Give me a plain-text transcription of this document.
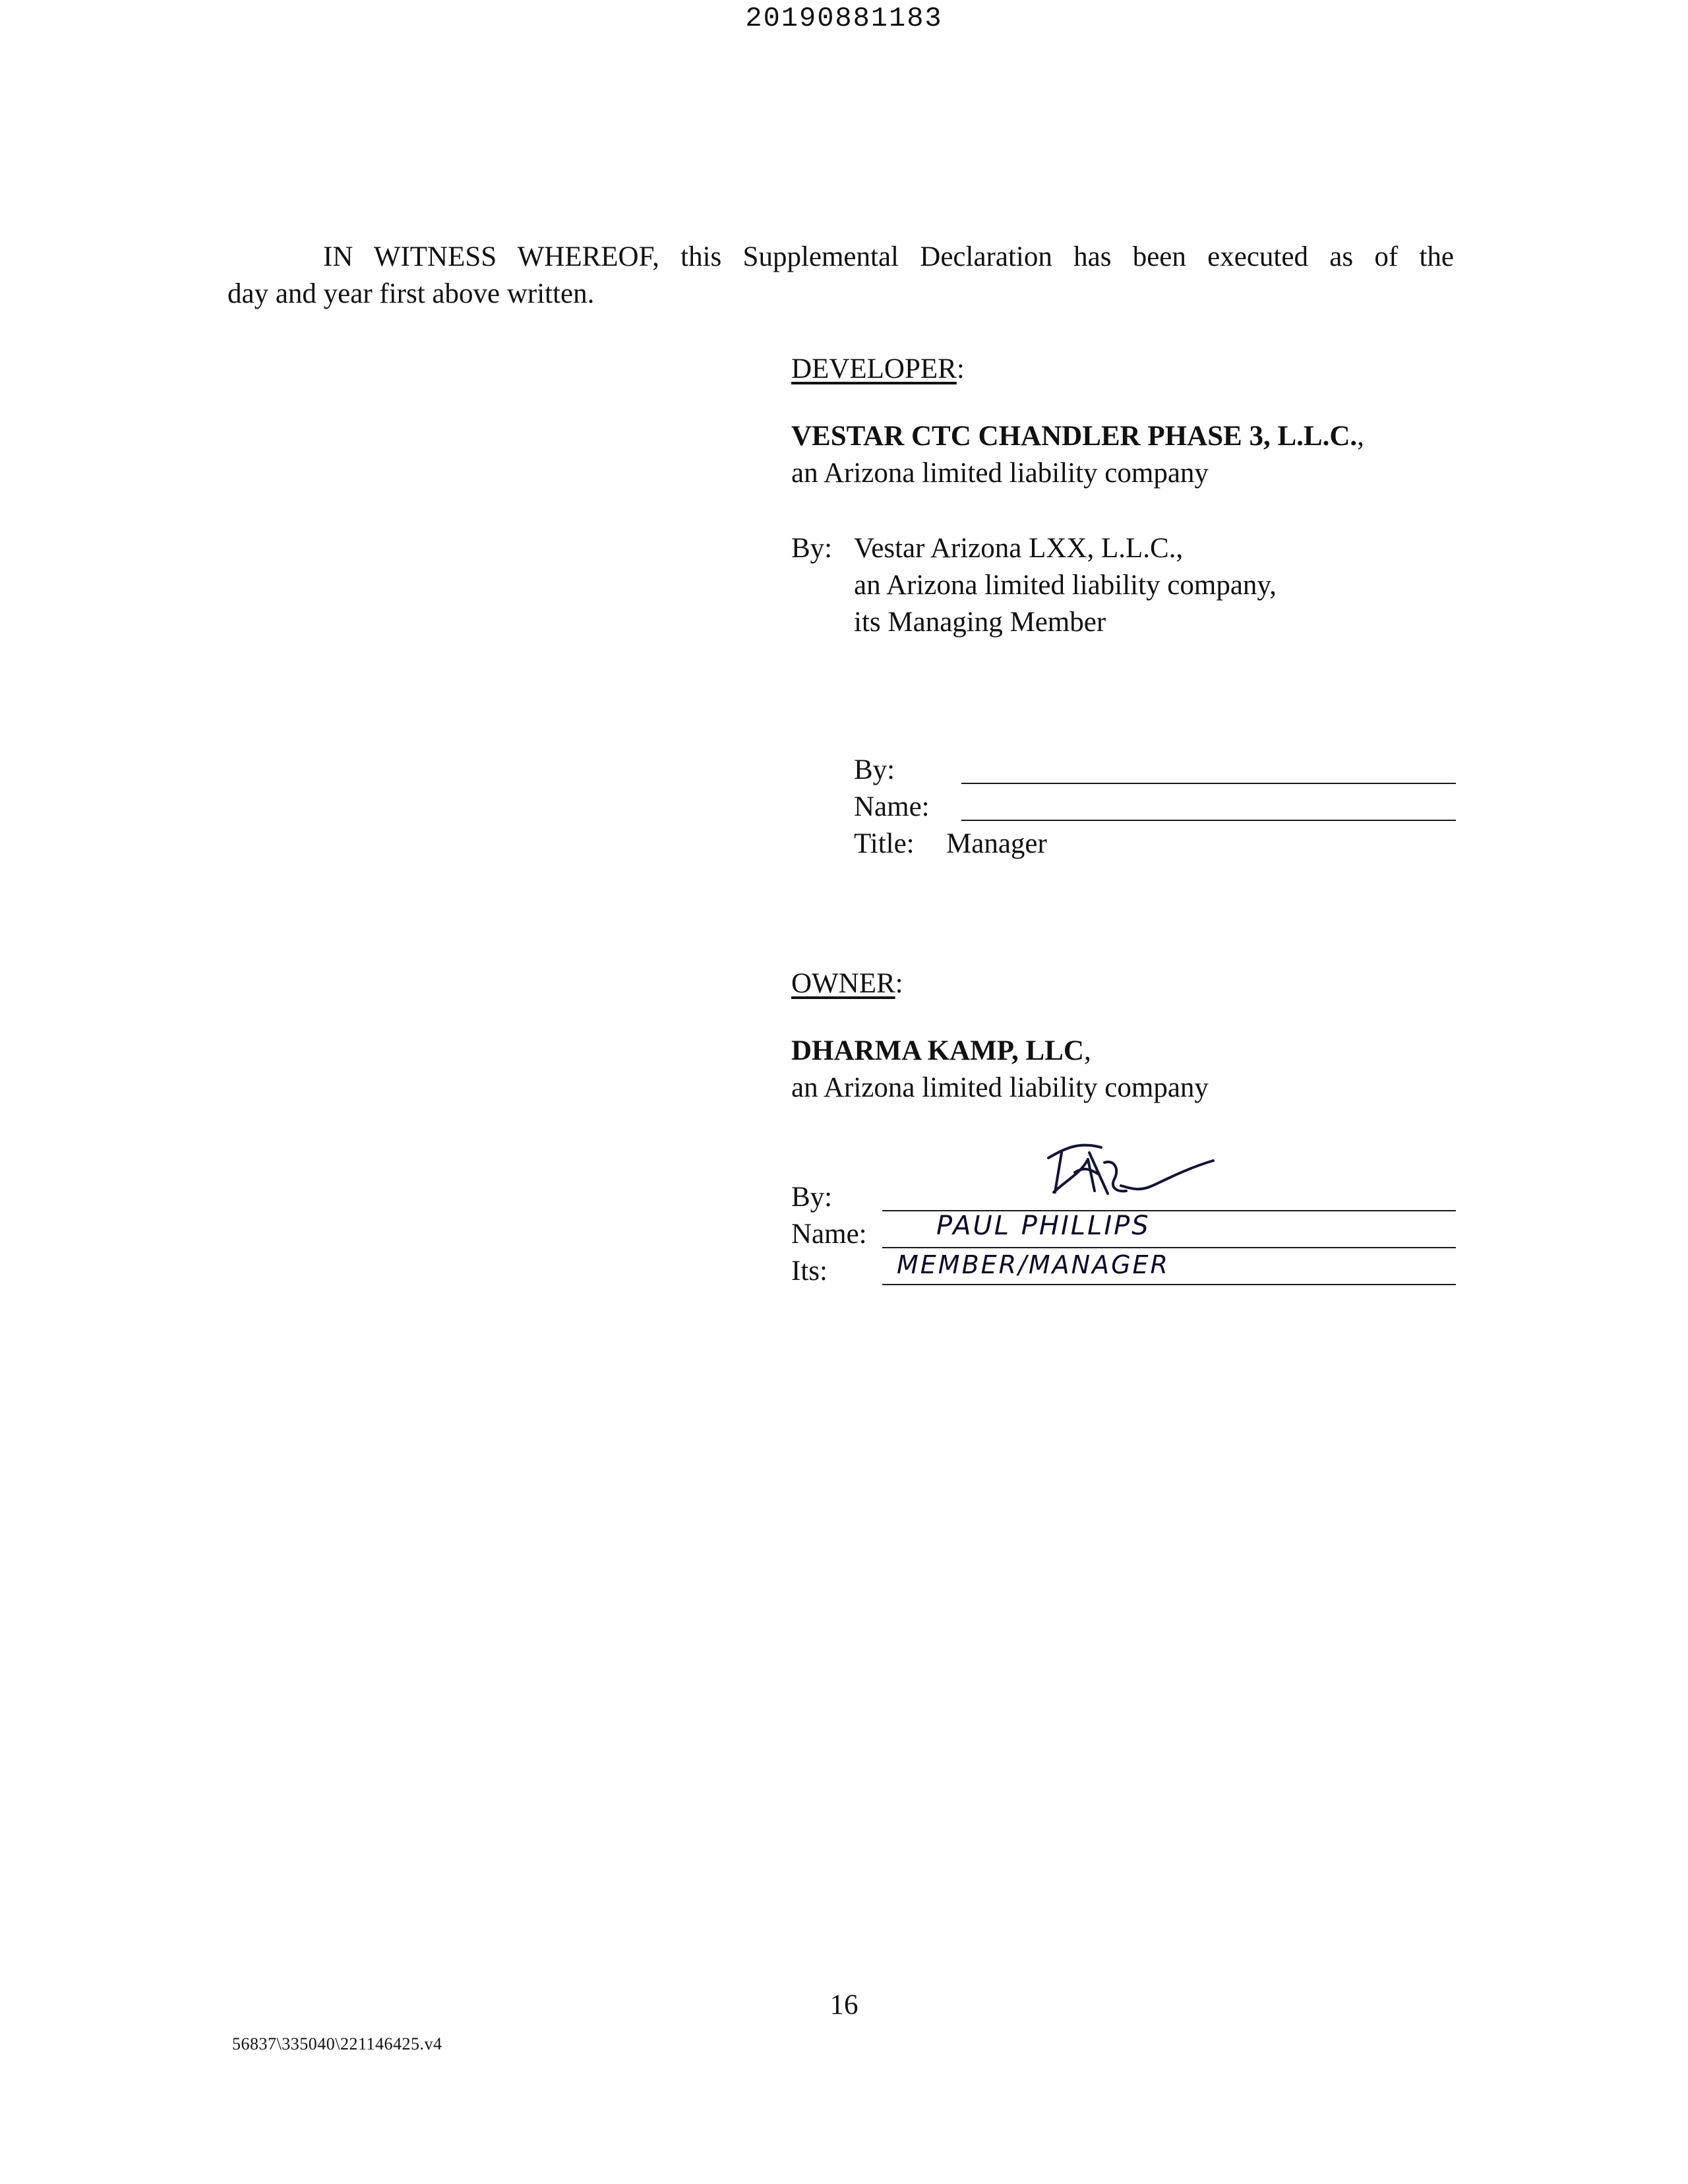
20190881183

IN WITNESS WHEREOF, this Supplemental Declaration has been executed as of the

day and year first above written.

DEVELOPER:
VESTAR CTC CHANDLER PHASE 3, L.L.C.,
an Arizona limited liability company
By: Vestar Arizona LXX, L.L.C.,
an Arizona limited liability company,
its Managing Member
By:
Name:
Title: Manager
OWNER:
DHARMA KAMP, LLC,
an Arizona limited liability company
By:
Name:	PAUL PHILLIPS
Its:	MEMBER/MANAGER
16
56837\335040\221146425.v4
